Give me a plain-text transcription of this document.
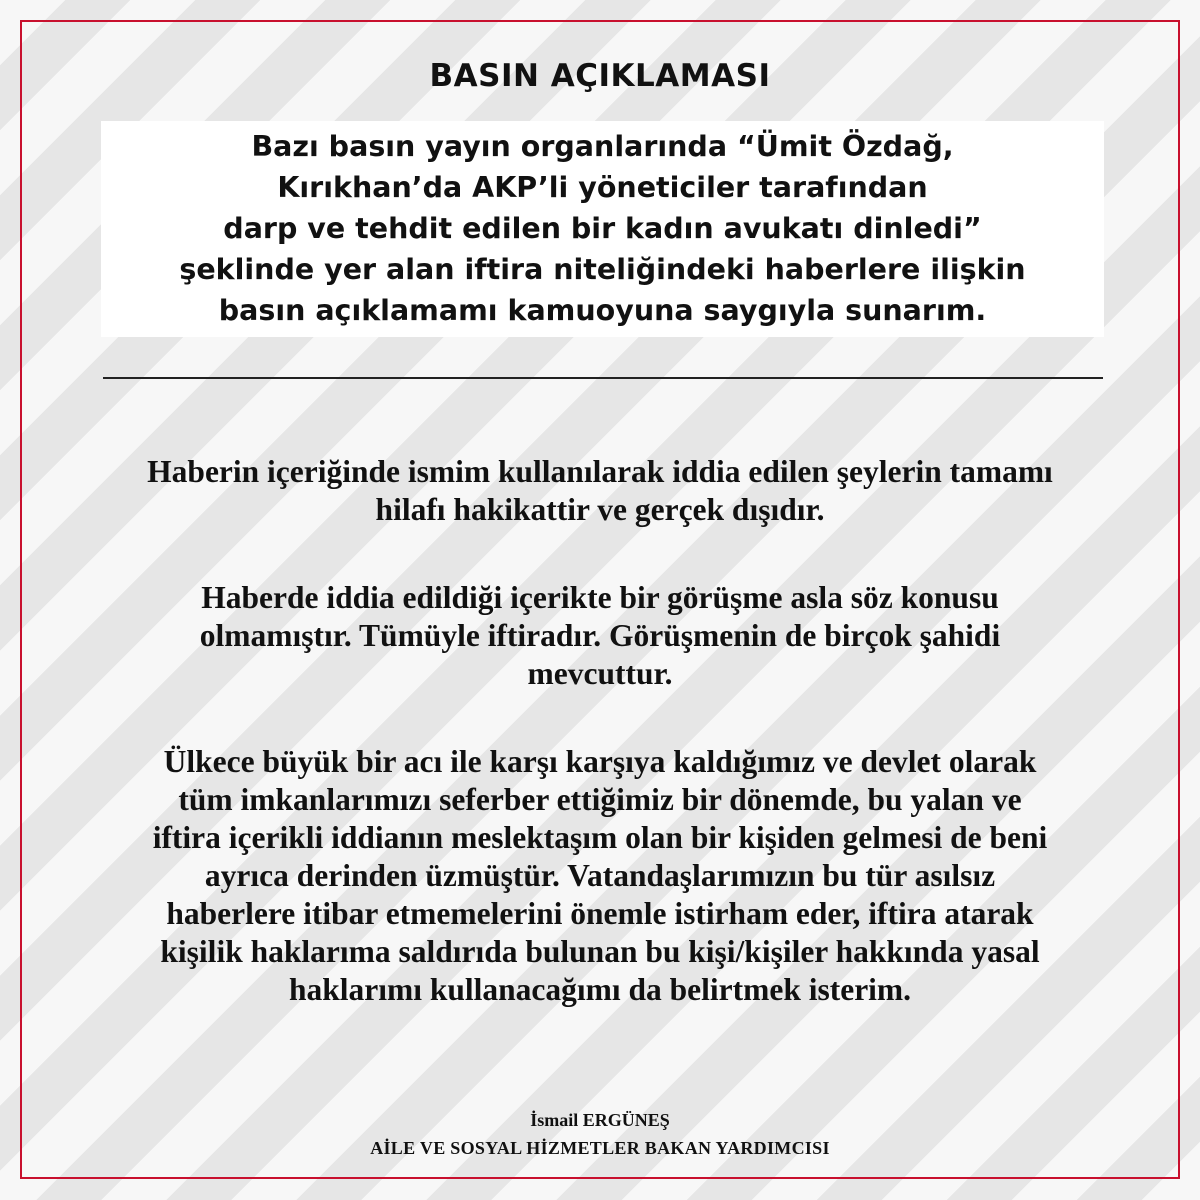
BASIN AÇIKLAMASI

Bazı basın yayın organlarında “Ümit Özdağ,
Kırıkhan’da AKP’li yöneticiler tarafından
darp ve tehdit edilen bir kadın avukatı dinledi”
şeklinde yer alan iftira niteliğindeki haberlere ilişkin
basın açıklamamı kamuoyuna saygıyla sunarım.

Haberin içeriğinde ismim kullanılarak iddia edilen şeylerin tamamı
hilafı hakikattir ve gerçek dışıdır.

Haberde iddia edildiği içerikte bir görüşme asla söz konusu
olmamıştır. Tümüyle iftiradır. Görüşmenin de birçok şahidi
mevcuttur.

Ülkece büyük bir acı ile karşı karşıya kaldığımız ve devlet olarak
tüm imkanlarımızı seferber ettiğimiz bir dönemde, bu yalan ve
iftira içerikli iddianın meslektaşım olan bir kişiden gelmesi de beni
ayrıca derinden üzmüştür. Vatandaşlarımızın bu tür asılsız
haberlere itibar etmemelerini önemle istirham eder, iftira atarak
kişilik haklarıma saldırıda bulunan bu kişi/kişiler hakkında yasal
haklarımı kullanacağımı da belirtmek isterim.

İsmail ERGÜNEŞ

AİLE VE SOSYAL HİZMETLER BAKAN YARDIMCISI
